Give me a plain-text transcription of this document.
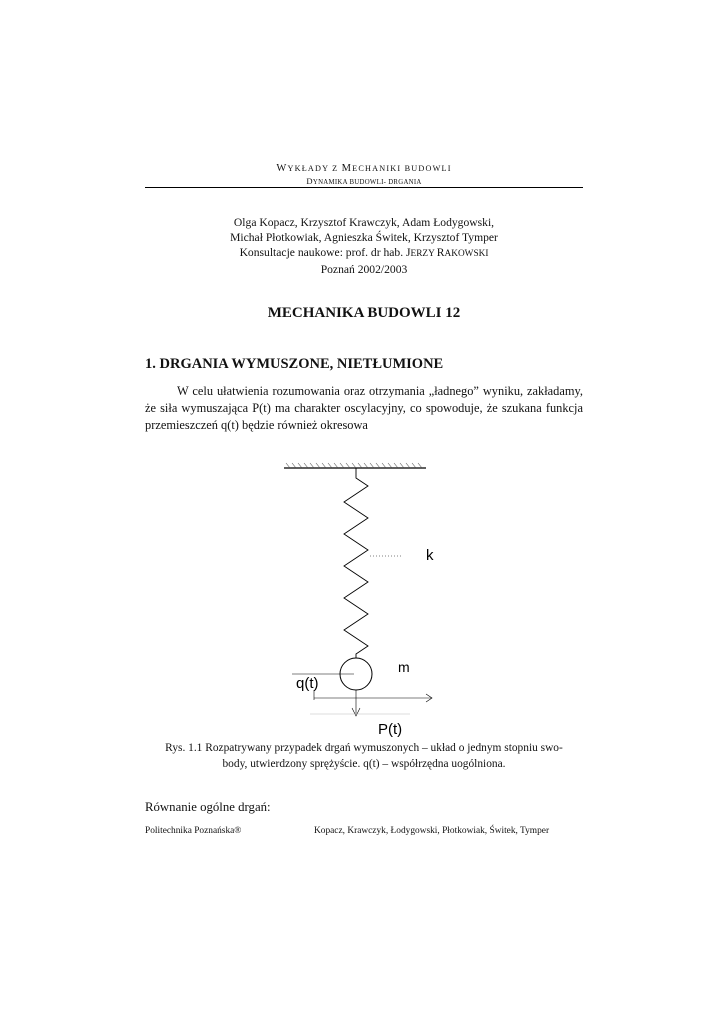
WYKŁADY Z MECHANIKI BUDOWLI
DYNAMIKA BUDOWLI- DRGANIA
Olga Kopacz, Krzysztof Krawczyk, Adam Łodygowski,
Michał Płotkowiak, Agnieszka Świtek, Krzysztof Tymper
Konsultacje naukowe: prof. dr hab. JERZY RAKOWSKI
Poznań 2002/2003
MECHANIKA BUDOWLI 12
1. DRGANIA WYMUSZONE, NIETŁUMIONE

W celu ułatwienia rozumowania oraz otrzymania „ładnego” wyniku, zakładamy, że siła wymuszająca P(t) ma charakter oscylacyjny, co spowoduje, że szukana funkcja przemieszczeń q(t) będzie również okresowa

k
m
q(t)
P(t)
Rys. 1.1 Rozpatrywany przypadek drgań wymuszonych – układ o jednym stopniu swo-
body, utwierdzony sprężyście. q(t) – współrzędna uogólniona.
Równanie ogólne drgań:
Politechnika Poznańska®	Kopacz, Krawczyk, Łodygowski, Płotkowiak, Świtek, Tymper
